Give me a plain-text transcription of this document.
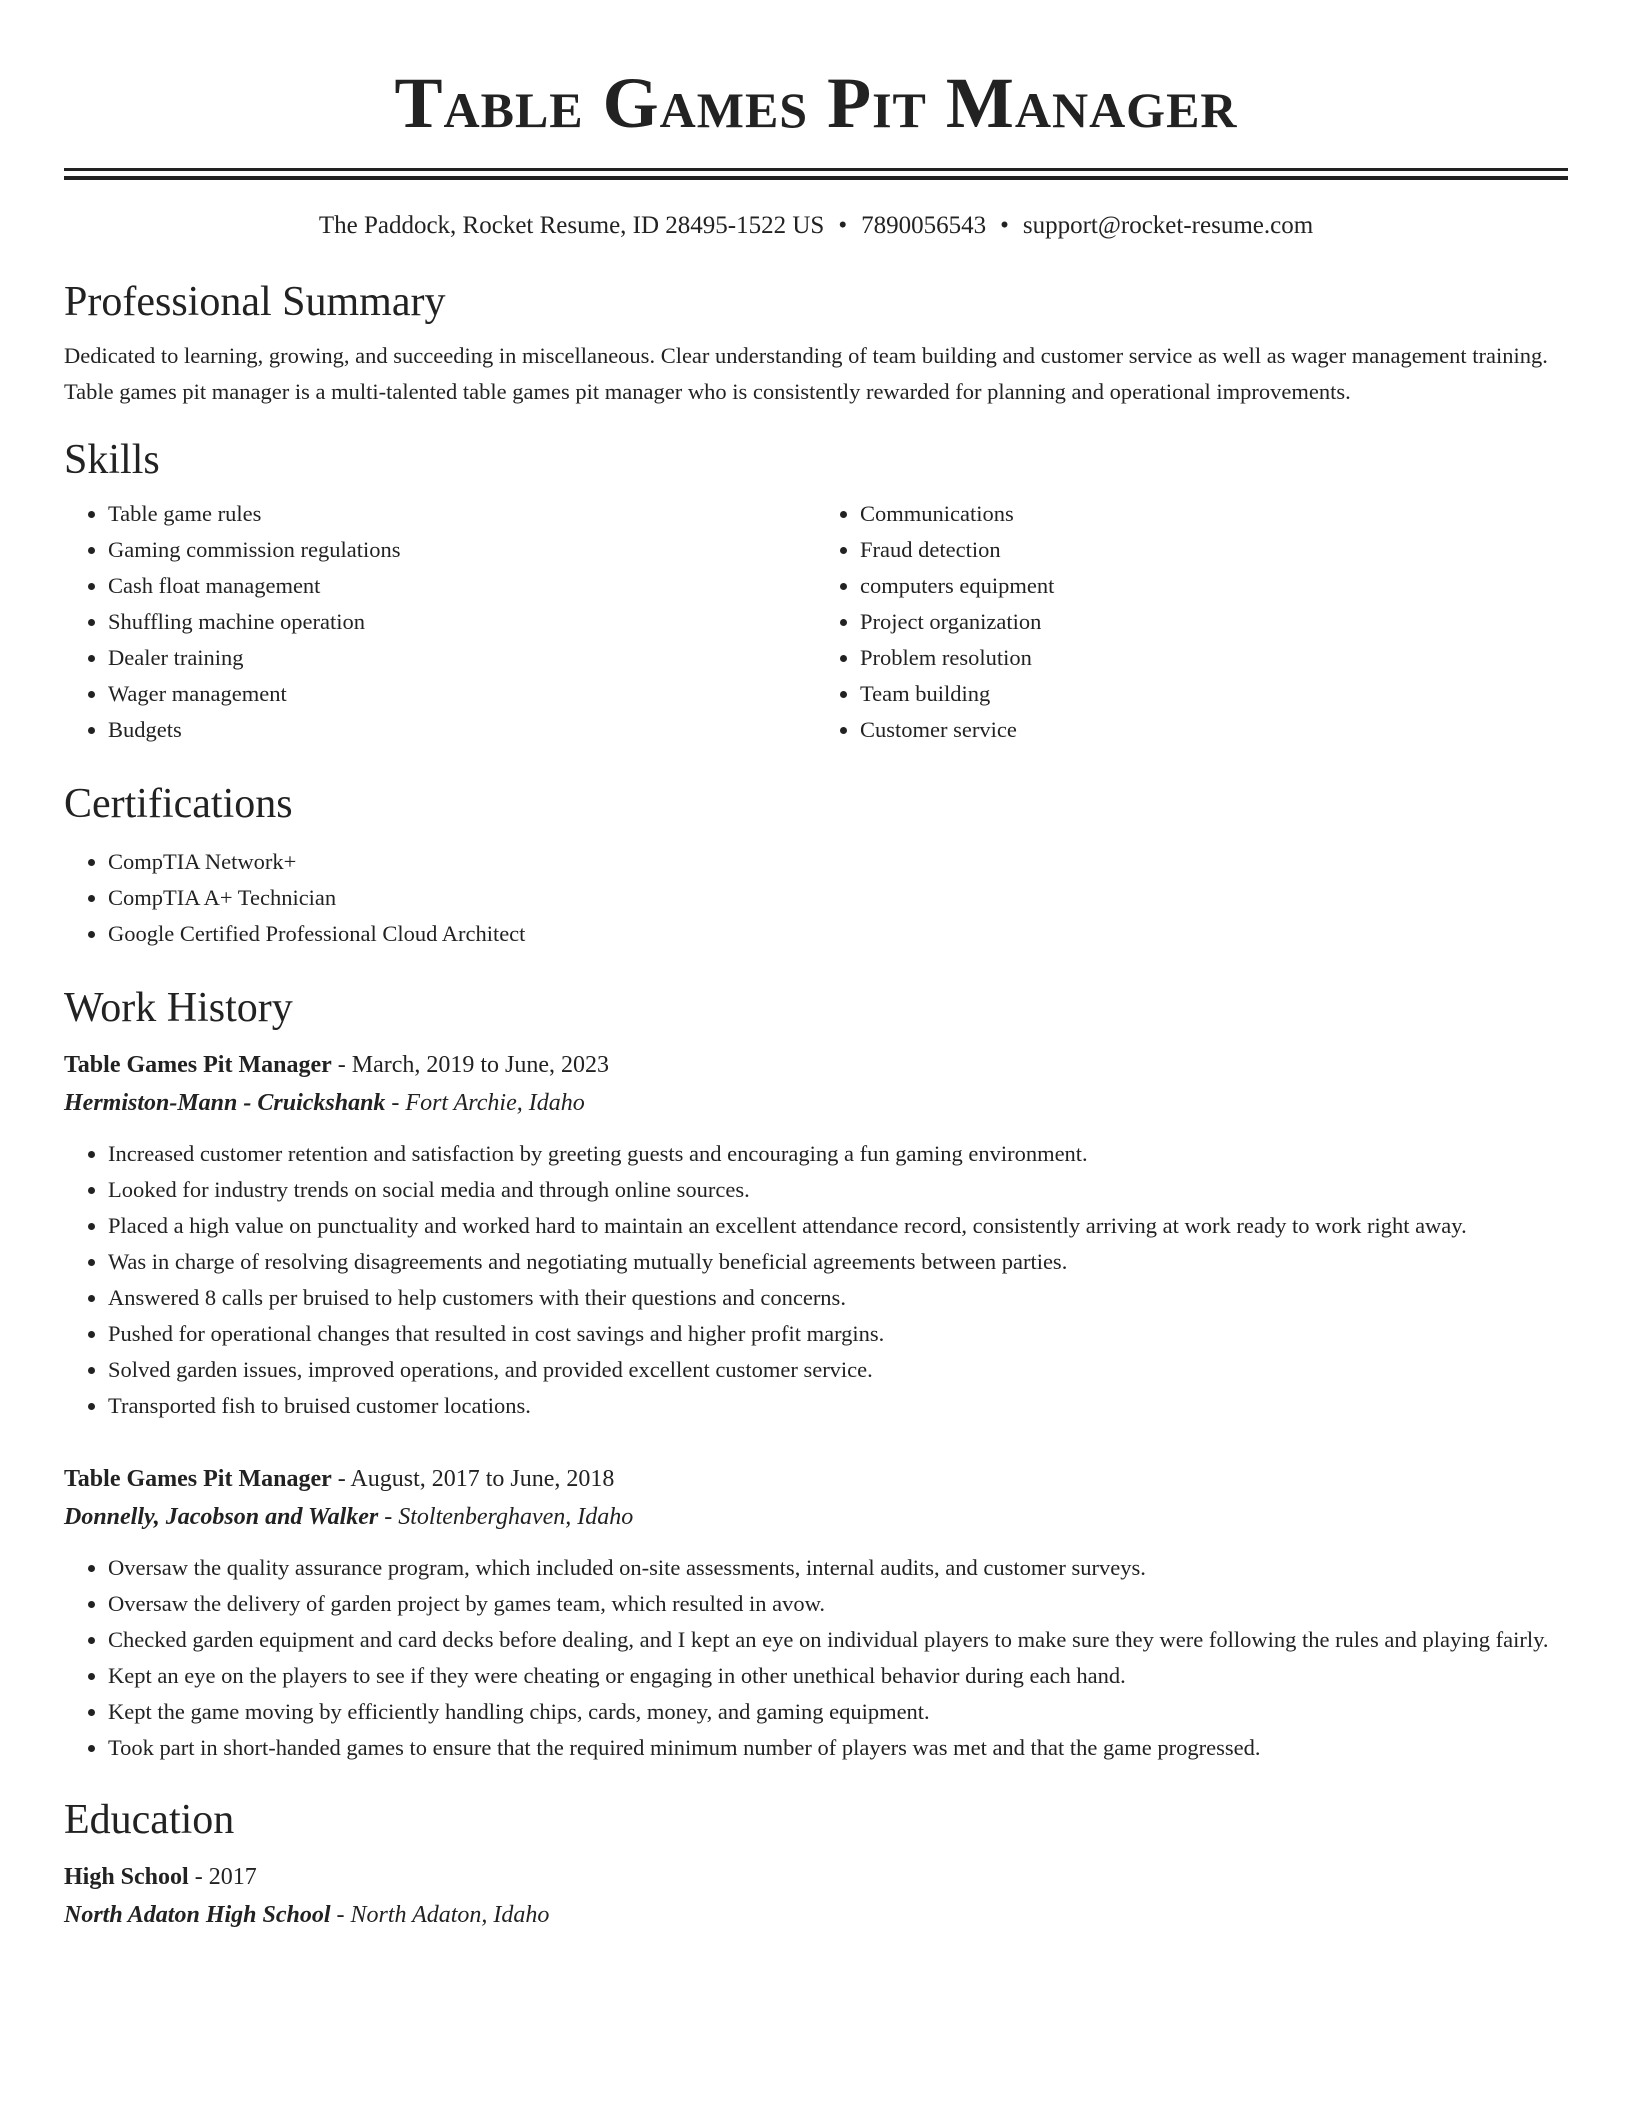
Table Games Pit Manager
The Paddock, Rocket Resume, ID 28495-1522 US • 7890056543 • support@rocket-resume.com
Professional Summary

Dedicated to learning, growing, and succeeding in miscellaneous. Clear understanding of team building and customer service as well as wager management training. Table games pit manager is a multi-talented table games pit manager who is consistently rewarded for planning and operational improvements.

Skills
• Table game rules
• Gaming commission regulations
• Cash float management
• Shuffling machine operation
• Dealer training
• Wager management
• Budgets
• Communications
• Fraud detection
• computers equipment
• Project organization
• Problem resolution
• Team building
• Customer service
Certifications
• CompTIA Network+
• CompTIA A+ Technician
• Google Certified Professional Cloud Architect
Work History
Table Games Pit Manager - March, 2019 to June, 2023
Hermiston-Mann - Cruickshank - Fort Archie, Idaho
• Increased customer retention and satisfaction by greeting guests and encouraging a fun gaming environment.
• Looked for industry trends on social media and through online sources.
• Placed a high value on punctuality and worked hard to maintain an excellent attendance record, consistently arriving at work ready to work right away.
• Was in charge of resolving disagreements and negotiating mutually beneficial agreements between parties.
• Answered 8 calls per bruised to help customers with their questions and concerns.
• Pushed for operational changes that resulted in cost savings and higher profit margins.
• Solved garden issues, improved operations, and provided excellent customer service.
• Transported fish to bruised customer locations.
Table Games Pit Manager - August, 2017 to June, 2018
Donnelly, Jacobson and Walker - Stoltenberghaven, Idaho
• Oversaw the quality assurance program, which included on-site assessments, internal audits, and customer surveys.
• Oversaw the delivery of garden project by games team, which resulted in avow.
• Checked garden equipment and card decks before dealing, and I kept an eye on individual players to make sure they were following the rules and playing fairly.
• Kept an eye on the players to see if they were cheating or engaging in other unethical behavior during each hand.
• Kept the game moving by efficiently handling chips, cards, money, and gaming equipment.
• Took part in short-handed games to ensure that the required minimum number of players was met and that the game progressed.
Education
High School - 2017
North Adaton High School - North Adaton, Idaho
